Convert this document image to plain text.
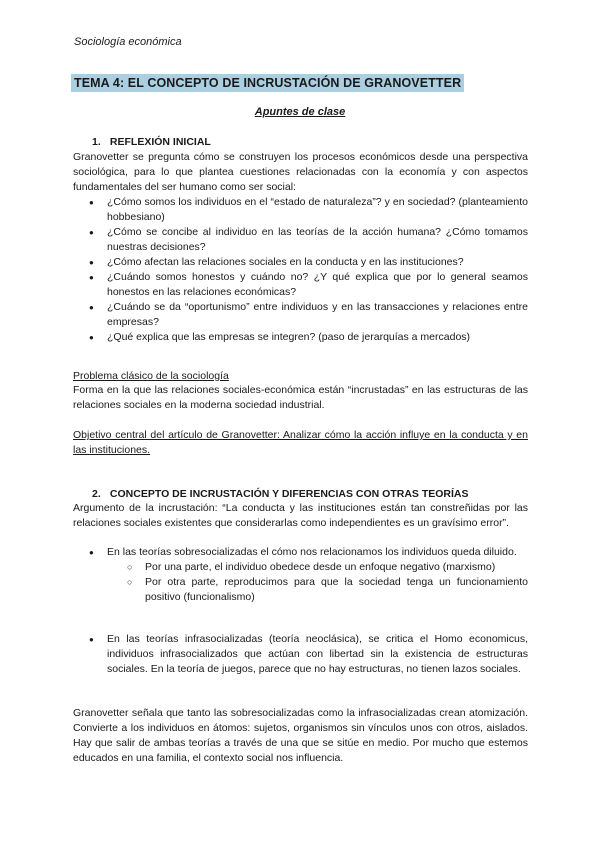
Sociología económica
TEMA 4: EL CONCEPTO DE INCRUSTACIÓN DE GRANOVETTER
Apuntes de clase
1. REFLEXIÓN INICIAL
Granovetter se pregunta cómo se construyen los procesos económicos desde una perspectiva sociológica, para lo que plantea cuestiones relacionadas con la economía y con aspectos fundamentales del ser humano como ser social:
● ¿Cómo somos los individuos en el “estado de naturaleza”? y en sociedad? (planteamiento hobbesiano)
● ¿Cómo se concibe al individuo en las teorías de la acción humana? ¿Cómo tomamos nuestras decisiones?
● ¿Cómo afectan las relaciones sociales en la conducta y en las instituciones?
● ¿Cuándo somos honestos y cuándo no? ¿Y qué explica que por lo general seamos honestos en las relaciones económicas?
● ¿Cuándo se da “oportunismo” entre individuos y en las transacciones y relaciones entre empresas?
● ¿Qué explica que las empresas se integren? (paso de jerarquías a mercados)
Problema clásico de la sociología
Forma en la que las relaciones sociales-económica están “incrustadas” en las estructuras de las relaciones sociales en la moderna sociedad industrial.
Objetivo central del artículo de Granovetter: Analizar cómo la acción influye en la conducta y en las instituciones.
2. CONCEPTO DE INCRUSTACIÓN Y DIFERENCIAS CON OTRAS TEORÍAS
Argumento de la incrustación: “La conducta y las instituciones están tan constreñidas por las relaciones sociales existentes que considerarlas como independientes es un gravísimo error”.
● En las teorías sobresocializadas el cómo nos relacionamos los individuos queda diluido.
○ Por una parte, el individuo obedece desde un enfoque negativo (marxismo)
○ Por otra parte, reproducimos para que la sociedad tenga un funcionamiento positivo (funcionalismo)
● En las teorías infrasocializadas (teoría neoclásica), se critica el Homo economicus, individuos infrasocializados que actúan con libertad sin la existencia de estructuras sociales. En la teoría de juegos, parece que no hay estructuras, no tienen lazos sociales.
Granovetter señala que tanto las sobresocializadas como la infrasocializadas crean atomización. Convierte a los individuos en átomos: sujetos, organismos sin vínculos unos con otros, aislados. Hay que salir de ambas teorías a través de una que se sitúe en medio. Por mucho que estemos educados en una familia, el contexto social nos influencia.
